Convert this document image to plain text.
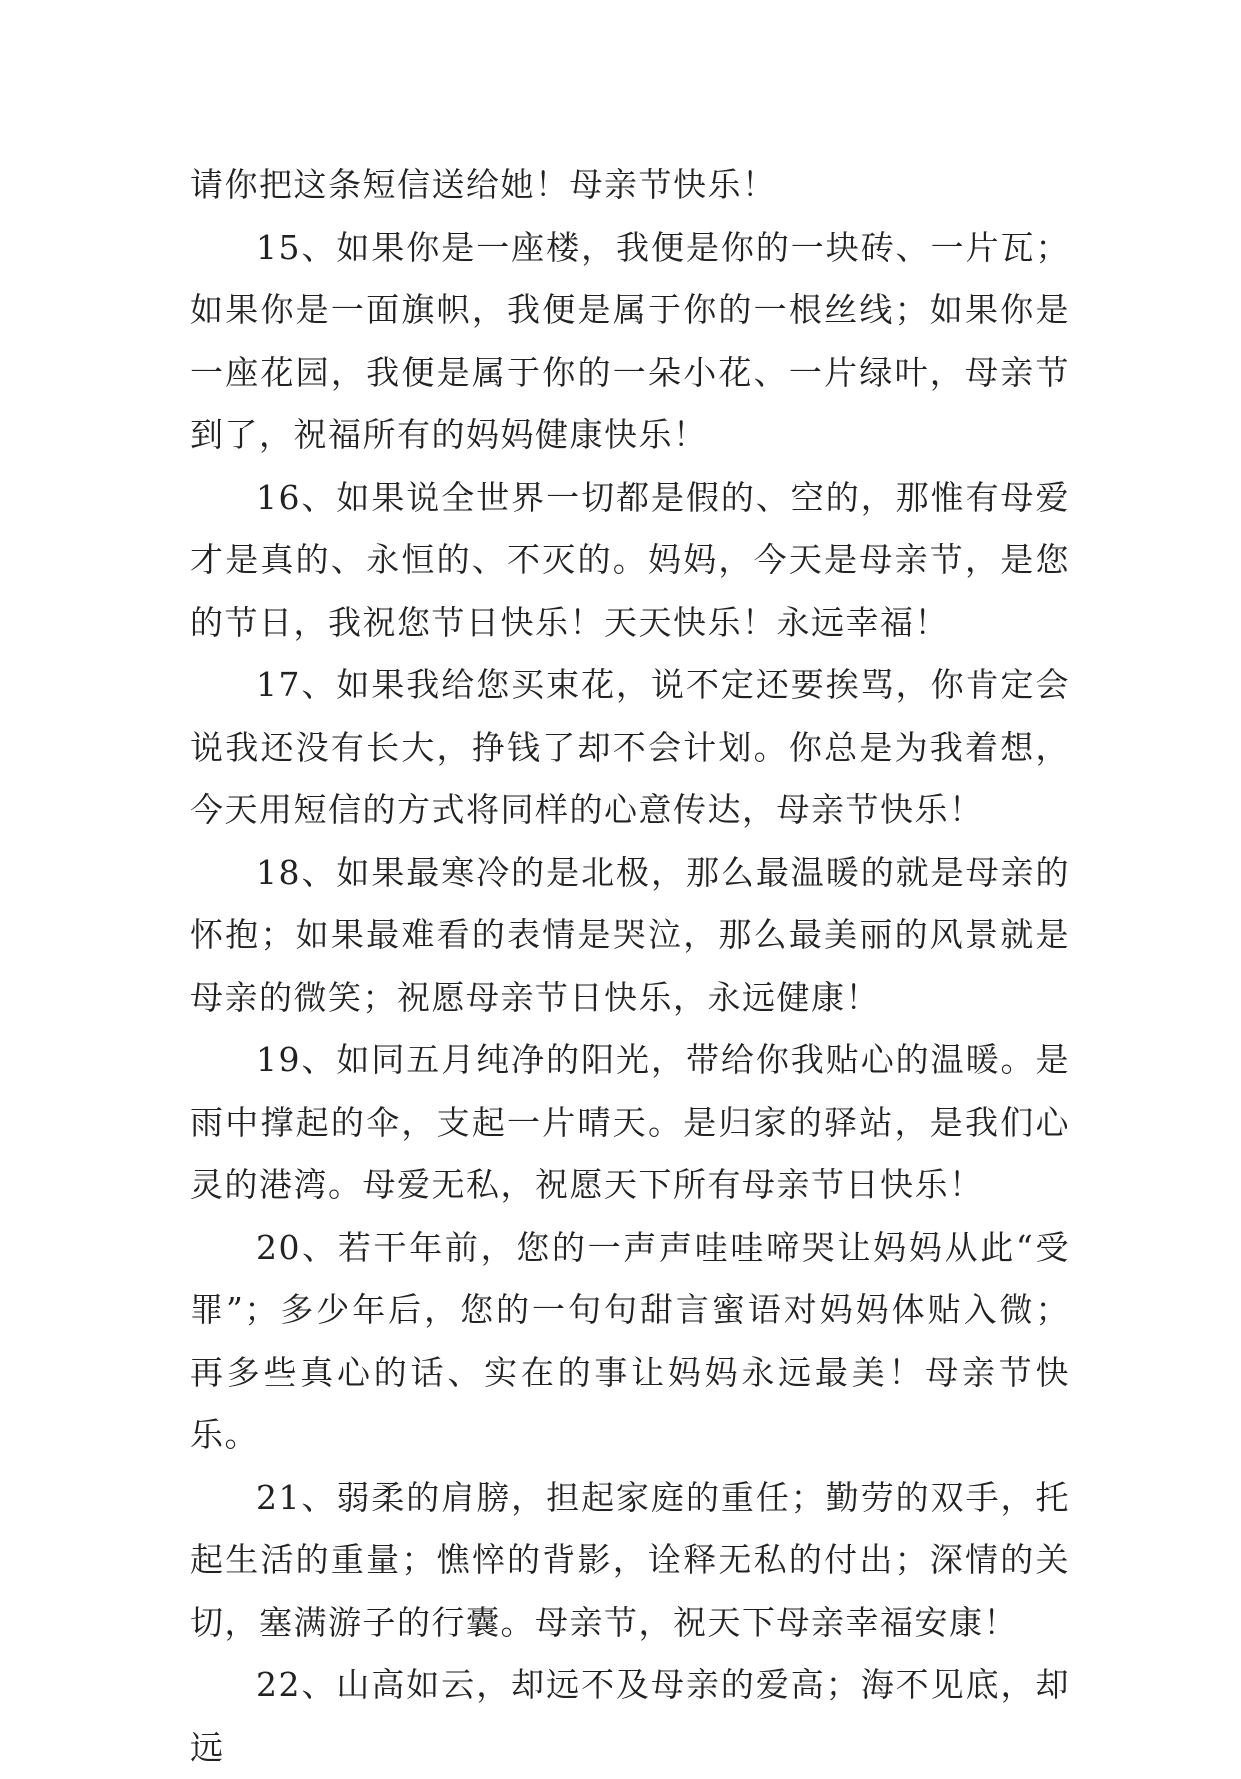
请你把这条短信送给她！母亲节快乐！

15、如果你是一座楼，我便是你的一块砖、一片瓦；如果你是一面旗帜，我便是属于你的一根丝线；如果你是一座花园，我便是属于你的一朵小花、一片绿叶，母亲节到了，祝福所有的妈妈健康快乐！

16、如果说全世界一切都是假的、空的，那惟有母爱才是真的、永恒的、不灭的。妈妈，今天是母亲节，是您的节日，我祝您节日快乐！天天快乐！永远幸福！

17、如果我给您买束花，说不定还要挨骂，你肯定会说我还没有长大，挣钱了却不会计划。你总是为我着想，今天用短信的方式将同样的心意传达，母亲节快乐！

18、如果最寒冷的是北极，那么最温暖的就是母亲的怀抱；如果最难看的表情是哭泣，那么最美丽的风景就是母亲的微笑；祝愿母亲节日快乐，永远健康！

19、如同五月纯净的阳光，带给你我贴心的温暖。是雨中撑起的伞，支起一片晴天。是归家的驿站，是我们心灵的港湾。母爱无私，祝愿天下所有母亲节日快乐！

20、若干年前，您的一声声哇哇啼哭让妈妈从此“受罪”；多少年后，您的一句句甜言蜜语对妈妈体贴入微；再多些真心的话、实在的事让妈妈永远最美！母亲节快乐。

21、弱柔的肩膀，担起家庭的重任；勤劳的双手，托起生活的重量；憔悴的背影，诠释无私的付出；深情的关切，塞满游子的行囊。母亲节，祝天下母亲幸福安康！

22、山高如云，却远不及母亲的爱高；海不见底，却远
